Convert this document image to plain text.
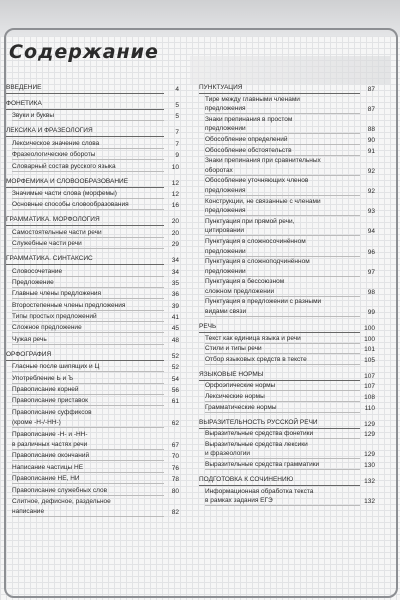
Содержание
ВВЕДЕНИЕ	4
ФОНЕТИКА	5
Звуки и буквы	5
ЛЕКСИКА И ФРАЗЕОЛОГИЯ	7
Лексическое значение слова	7
Фразеологические обороты	9
Словарный состав русского языка	10
МОРФЕМИКА И СЛОВООБРАЗОВАНИЕ	12
Значимые части слова (морфемы)	12
Основные способы словообразования	16
ГРАММАТИКА. МОРФОЛОГИЯ	20
Самостоятельные части речи	20
Служебные части речи	29
ГРАММАТИКА. СИНТАКСИС	34
Словосочетание	34
Предложение	35
Главные члены предложения	36
Второстепенные члены предложения	39
Типы простых предложений	41
Сложное предложение	45
Чужая речь	48
ОРФОГРАФИЯ	52
Гласные после шипящих и Ц	52
Употребление Ь и Ъ	54
Правописание корней	56
Правописание приставок	61
Правописание суффиксов
(кроме -Н-/-НН-)	62
Правописание -Н- и -НН-
в различных частях речи	67
Правописание окончаний	70
Написание частицы НЕ	76
Правописание НЕ, НИ	78
Правописание служебных слов	80
Слитное, дефисное, раздельное
написание	82
ПУНКТУАЦИЯ	87
Тире между главными членами
предложения	87
Знаки препинания в простом
предложении	88
Обособление определений	90
Обособление обстоятельств	91
Знаки препинания при сравнительных
оборотах	92
Обособление уточняющих членов
предложения	92
Конструкции, не связанные с членами
предложения	93
Пунктуация при прямой речи,
цитировании	94
Пунктуация в сложносочинённом
предложении	96
Пунктуация в сложноподчинённом
предложении	97
Пунктуация в бессоюзном
сложном предложении	98
Пунктуация в предложении с разными
видами связи	99
РЕЧЬ	100
Текст как единица языка и речи	100
Стили и типы речи	101
Отбор языковых средств в тексте	105
ЯЗЫКОВЫЕ НОРМЫ	107
Орфоэпические нормы	107
Лексические нормы	108
Грамматические нормы	110
ВЫРАЗИТЕЛЬНОСТЬ РУССКОЙ РЕЧИ	129
Выразительные средства фонетики	129
Выразительные средства лексики
и фразеологии	129
Выразительные средства грамматики	130
ПОДГОТОВКА К СОЧИНЕНИЮ	132
Информационная обработка текста
в рамках задания ЕГЭ	132
